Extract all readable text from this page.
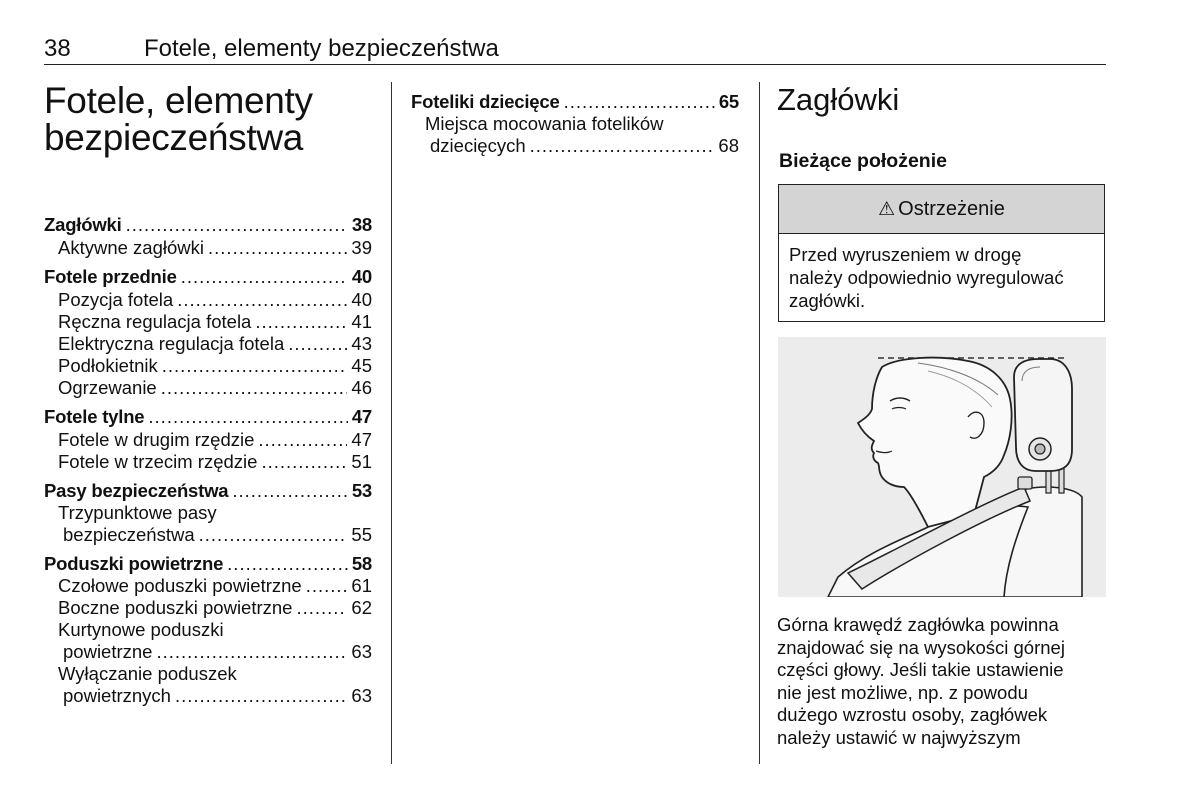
38	Fotele, elementy bezpieczeństwa
Fotele, elementy
bezpieczeństwa
Zagłówki .....	38
Aktywne zagłówki .....	39
Fotele przednie .....	40
Pozycja fotela .....	40
Ręczna regulacja fotela .....	41
Elektryczna regulacja fotela .....	43
Podłokietnik .....	45
Ogrzewanie .....	46
Fotele tylne .....	47
Fotele w drugim rzędzie .....	47
Fotele w trzecim rzędzie .....	51
Pasy bezpieczeństwa .....	53
Trzypunktowe pasy
bezpieczeństwa .....	55
Poduszki powietrzne .....	58
Czołowe poduszki powietrzne .....	61
Boczne poduszki powietrzne .....	62
Kurtynowe poduszki
powietrzne .....	63
Wyłączanie poduszek
powietrznych .....	63
Foteliki dziecięce .....	65
Miejsca mocowania fotelików
dziecięcych .....	68
Zagłówki
Bieżące położenie
⚠ Ostrzeżenie
Przed wyruszeniem w drogę
należy odpowiednio wyregulować
zagłówki.
Górna krawędź zagłówka powinna
znajdować się na wysokości górnej
części głowy. Jeśli takie ustawienie
nie jest możliwe, np. z powodu
dużego wzrostu osoby, zagłówek
należy ustawić w najwyższym
